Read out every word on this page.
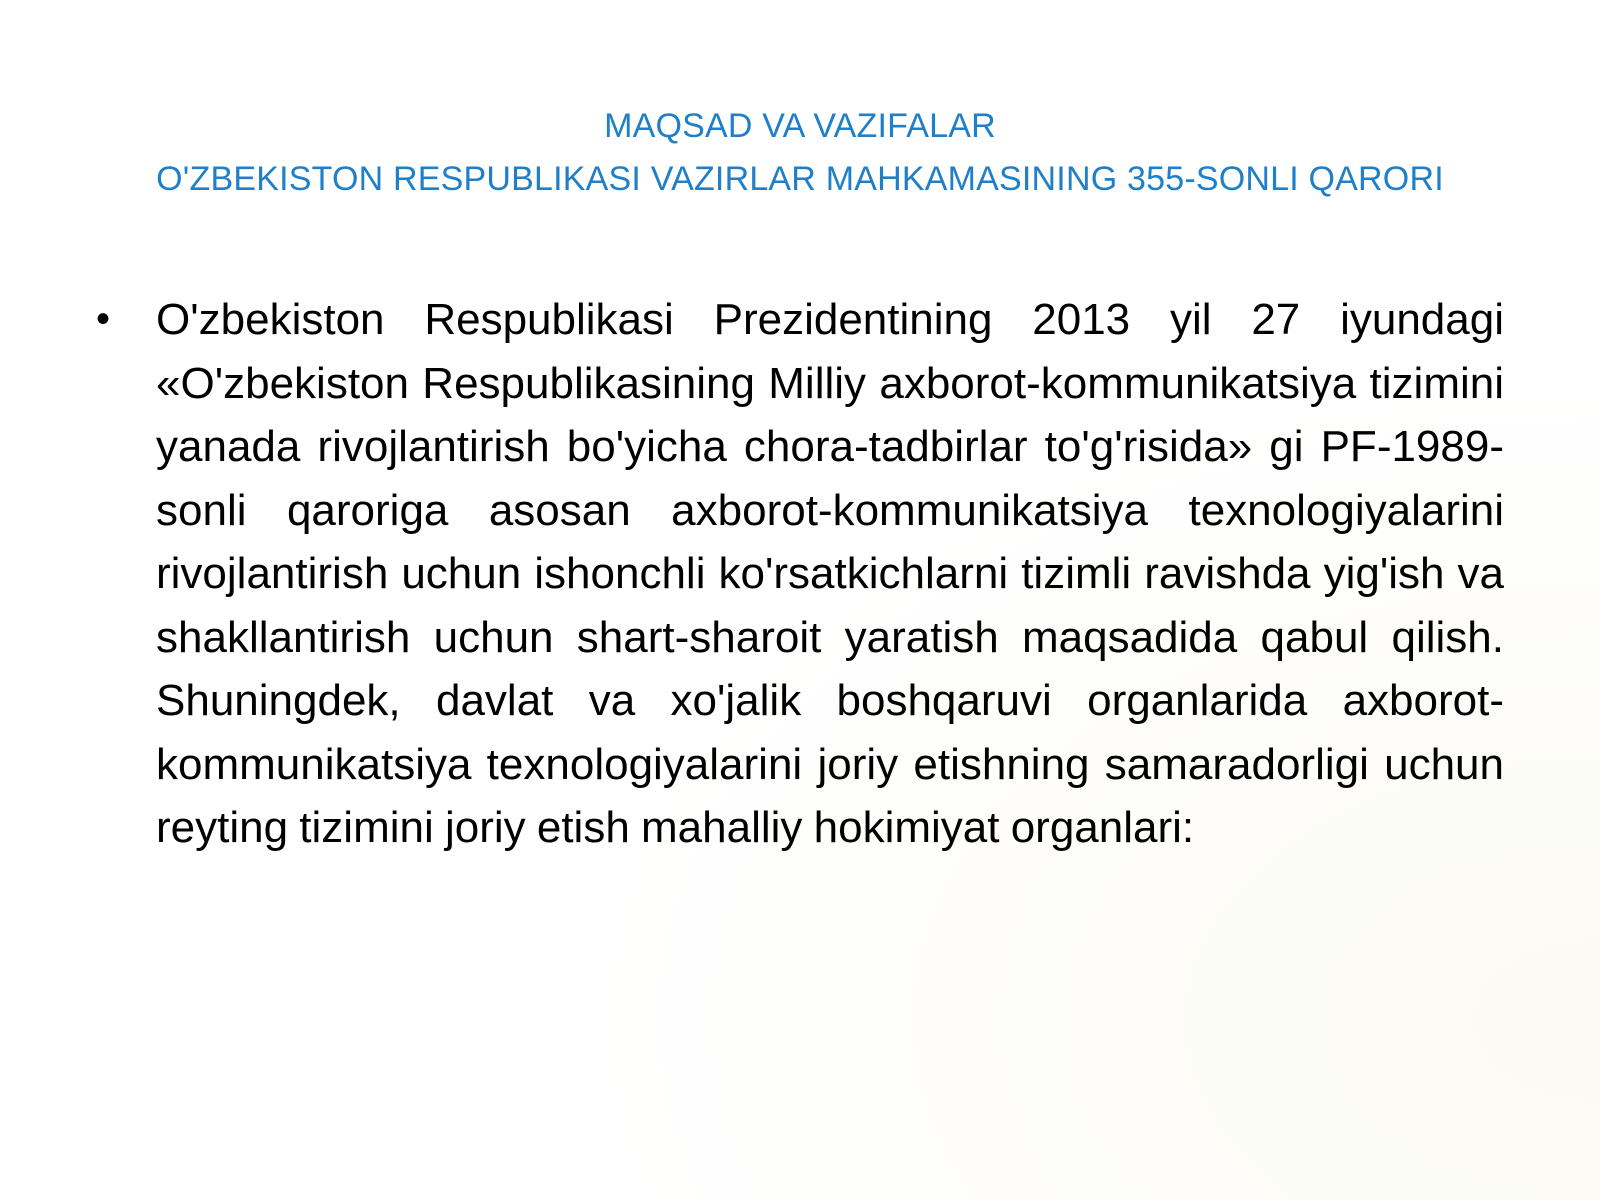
MAQSAD VA VAZIFALAR
O'ZBEKISTON RESPUBLIKASI VAZIRLAR MAHKAMASINING 355-SONLI QARORI
• O'zbekiston Respublikasi Prezidentining 2013 yil 27 iyundagi «O'zbekiston Respublikasining Milliy axborot-kommunikatsiya tizimini yanada rivojlantirish bo'yicha chora-tadbirlar to'g'risida» gi PF-1989-sonli qaroriga asosan axborot-kommunikatsiya texnologiyalarini rivojlantirish uchun ishonchli ko'rsatkichlarni tizimli ravishda yig'ish va shakllantirish uchun shart-sharoit yaratish maqsadida qabul qilish. Shuningdek, davlat va xo'jalik boshqaruvi organlarida axborot-kommunikatsiya texnologiyalarini joriy etishning samaradorligi uchun reyting tizimini joriy etish mahalliy hokimiyat organlari:
